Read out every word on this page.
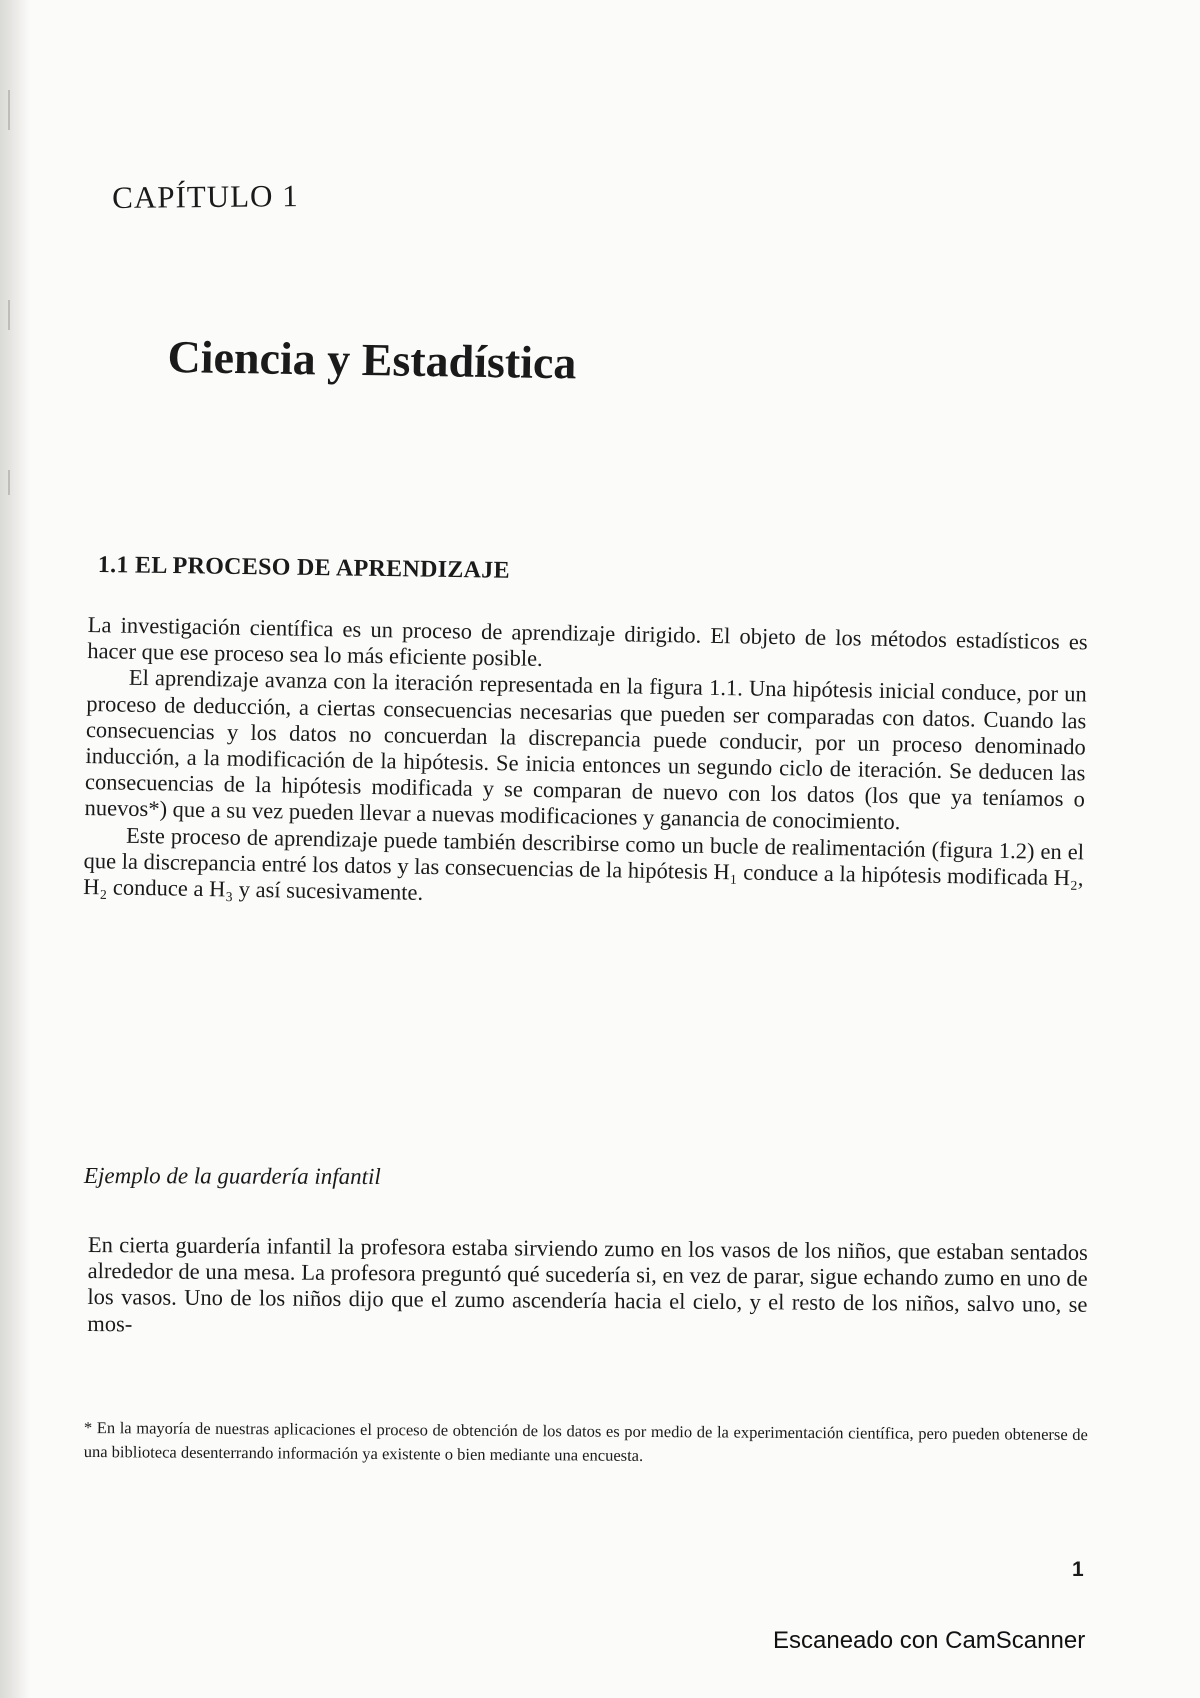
CAPÍTULO 1
Ciencia y Estadística
1.1 EL PROCESO DE APRENDIZAJE

La investigación científica es un proceso de aprendizaje dirigido. El objeto de los métodos estadísticos es hacer que ese proceso sea lo más eficiente posible.

El aprendizaje avanza con la iteración representada en la figura 1.1. Una hipótesis inicial conduce, por un proceso de deducción, a ciertas consecuencias necesarias que pueden ser comparadas con datos. Cuando las consecuencias y los datos no concuerdan la discrepancia puede conducir, por un proceso denominado inducción, a la modificación de la hipótesis. Se inicia entonces un segundo ciclo de iteración. Se deducen las consecuencias de la hipótesis modificada y se comparan de nuevo con los datos (los que ya teníamos o nuevos*) que a su vez pueden llevar a nuevas modificaciones y ganancia de conocimiento.

Este proceso de aprendizaje puede también describirse como un bucle de realimentación (figura 1.2) en el que la discrepancia entré los datos y las consecuencias de la hipótesis H₁ conduce a la hipótesis modificada H₂, H₂ conduce a H₃ y así sucesivamente.

Ejemplo de la guardería infantil

En cierta guardería infantil la profesora estaba sirviendo zumo en los vasos de los niños, que estaban sentados alrededor de una mesa. La profesora preguntó qué sucedería si, en vez de parar, sigue echando zumo en uno de los vasos. Uno de los niños dijo que el zumo ascendería hacia el cielo, y el resto de los niños, salvo uno, se mos-

* En la mayoría de nuestras aplicaciones el proceso de obtención de los datos es por medio de la experimentación científica, pero pueden obtenerse de una biblioteca desenterrando información ya existente o bien mediante una encuesta.

1
Escaneado con CamScanner
